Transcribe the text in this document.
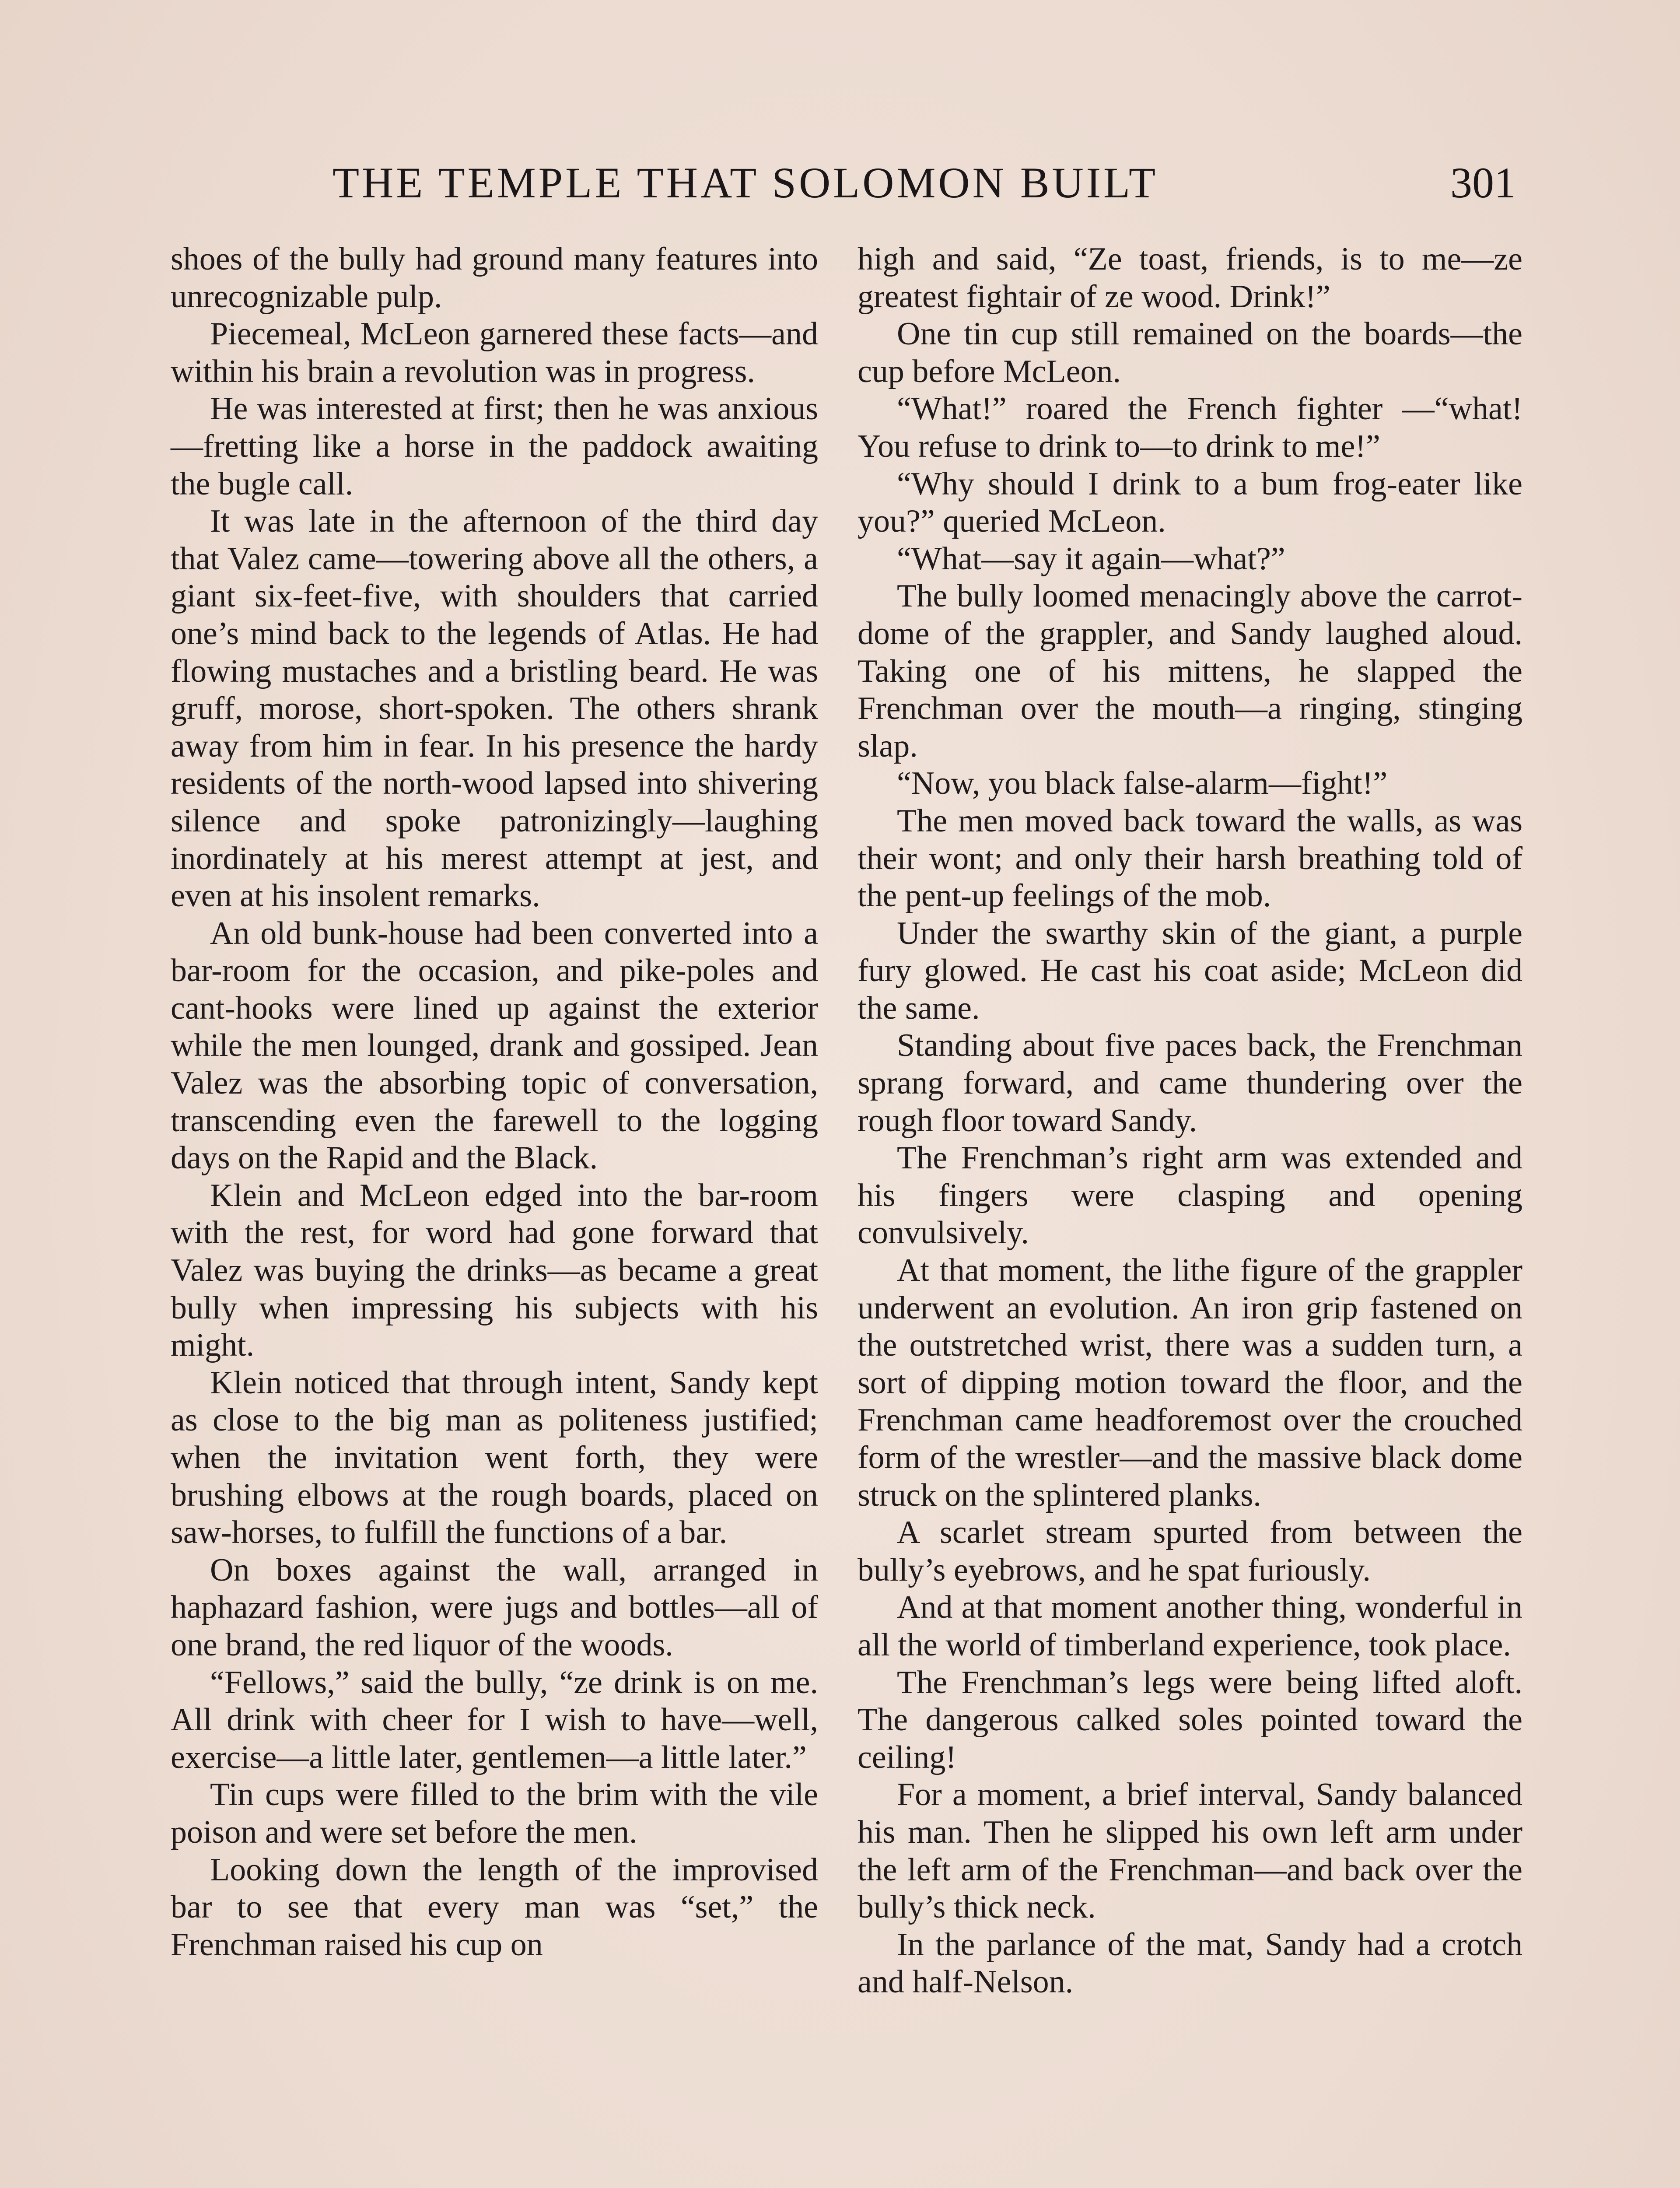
THE TEMPLE THAT SOLOMON BUILT	301

shoes of the bully had ground many features into unrecognizable pulp.

Piecemeal, McLeon garnered these facts—and within his brain a revolution was in progress.

He was interested at first; then he was anxious—fretting like a horse in the paddock awaiting the bugle call.

It was late in the afternoon of the third day that Valez came—towering above all the others, a giant six-feet-five, with shoulders that carried one’s mind back to the legends of Atlas. He had flowing mustaches and a bristling beard. He was gruff, morose, short-spoken. The others shrank away from him in fear. In his presence the hardy residents of the north-wood lapsed into shivering silence and spoke patronizingly—laughing inordinately at his merest attempt at jest, and even at his insolent remarks.

An old bunk-house had been converted into a bar-room for the occasion, and pike-poles and cant-hooks were lined up against the exterior while the men lounged, drank and gossiped. Jean Valez was the absorbing topic of conversation, transcending even the farewell to the logging days on the Rapid and the Black.

Klein and McLeon edged into the bar-room with the rest, for word had gone forward that Valez was buying the drinks—as became a great bully when impressing his subjects with his might.

Klein noticed that through intent, Sandy kept as close to the big man as politeness justified; when the invitation went forth, they were brushing elbows at the rough boards, placed on saw-horses, to fulfill the functions of a bar.

On boxes against the wall, arranged in haphazard fashion, were jugs and bottles—all of one brand, the red liquor of the woods.

“Fellows,” said the bully, “ze drink is on me. All drink with cheer for I wish to have—well, exercise—a little later, gentlemen—a little later.”

Tin cups were filled to the brim with the vile poison and were set before the men.

Looking down the length of the improvised bar to see that every man was “set,” the Frenchman raised his cup on

high and said, “Ze toast, friends, is to me—ze greatest fightair of ze wood. Drink!”

One tin cup still remained on the boards—the cup before McLeon.

“What!” roared the French fighter —“what! You refuse to drink to—to drink to me!”

“Why should I drink to a bum frog-eater like you?” queried McLeon.

“What—say it again—what?”

The bully loomed menacingly above the carrot-dome of the grappler, and Sandy laughed aloud. Taking one of his mittens, he slapped the Frenchman over the mouth—a ringing, stinging slap.

“Now, you black false-alarm—fight!”

The men moved back toward the walls, as was their wont; and only their harsh breathing told of the pent-up feelings of the mob.

Under the swarthy skin of the giant, a purple fury glowed. He cast his coat aside; McLeon did the same.

Standing about five paces back, the Frenchman sprang forward, and came thundering over the rough floor toward Sandy.

The Frenchman’s right arm was extended and his fingers were clasping and opening convulsively.

At that moment, the lithe figure of the grappler underwent an evolution. An iron grip fastened on the outstretched wrist, there was a sudden turn, a sort of dipping motion toward the floor, and the Frenchman came headforemost over the crouched form of the wrestler—and the massive black dome struck on the splintered planks.

A scarlet stream spurted from between the bully’s eyebrows, and he spat furiously.

And at that moment another thing, wonderful in all the world of timberland experience, took place.

The Frenchman’s legs were being lifted aloft. The dangerous calked soles pointed toward the ceiling!

For a moment, a brief interval, Sandy balanced his man. Then he slipped his own left arm under the left arm of the Frenchman—and back over the bully’s thick neck.

In the parlance of the mat, Sandy had a crotch and half-Nelson.
